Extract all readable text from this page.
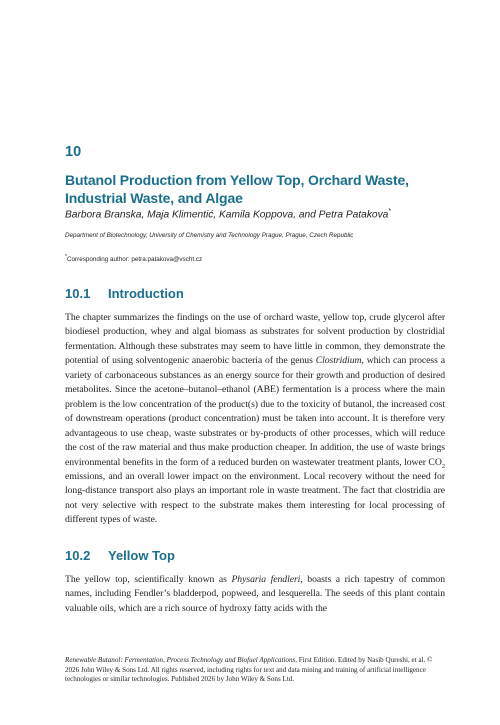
10
Butanol Production from Yellow Top, Orchard Waste, Industrial Waste, and Algae
Barbora Branska, Maja Klimentić, Kamila Koppova, and Petra Patakova*
Department of Biotechnology, University of Chemistry and Technology Prague, Prague, Czech Republic
*Corresponding author: petra.patakova@vscht.cz
10.1 Introduction

The chapter summarizes the findings on the use of orchard waste, yellow top, crude glycerol after biodiesel production, whey and algal biomass as substrates for solvent production by clostridial fermentation. Although these substrates may seem to have little in common, they demonstrate the potential of using solventogenic anaerobic bacteria of the genus Clostridium, which can process a variety of carbonaceous substances as an energy source for their growth and production of desired metabolites. Since the acetone–butanol–ethanol (ABE) fermentation is a process where the main problem is the low concentration of the product(s) due to the toxicity of butanol, the increased cost of downstream operations (product concentration) must be taken into account. It is therefore very advantageous to use cheap, waste substrates or by-products of other processes, which will reduce the cost of the raw material and thus make production cheaper. In addition, the use of waste brings environmental benefits in the form of a reduced burden on wastewater treatment plants, lower $CO_2$ emissions, and an overall lower impact on the environment. Local recovery without the need for long-distance transport also plays an important role in waste treatment. The fact that clostridia are not very selective with respect to the substrate makes them interesting for local processing of different types of waste.

10.2 Yellow Top

The yellow top, scientifically known as Physaria fendleri, boasts a rich tapestry of common names, including Fendler’s bladderpod, popweed, and lesquerella. The seeds of this plant contain valuable oils, which are a rich source of hydroxy fatty acids with the

Renewable Butanol: Fermentation, Process Technology and Biofuel Applications, First Edition. Edited by Nasib Qureshi, et al. © 2026 John Wiley & Sons Ltd. All rights reserved, including rights for text and data mining and training of artificial intelligence technologies or similar technologies. Published 2026 by John Wiley & Sons Ltd.
